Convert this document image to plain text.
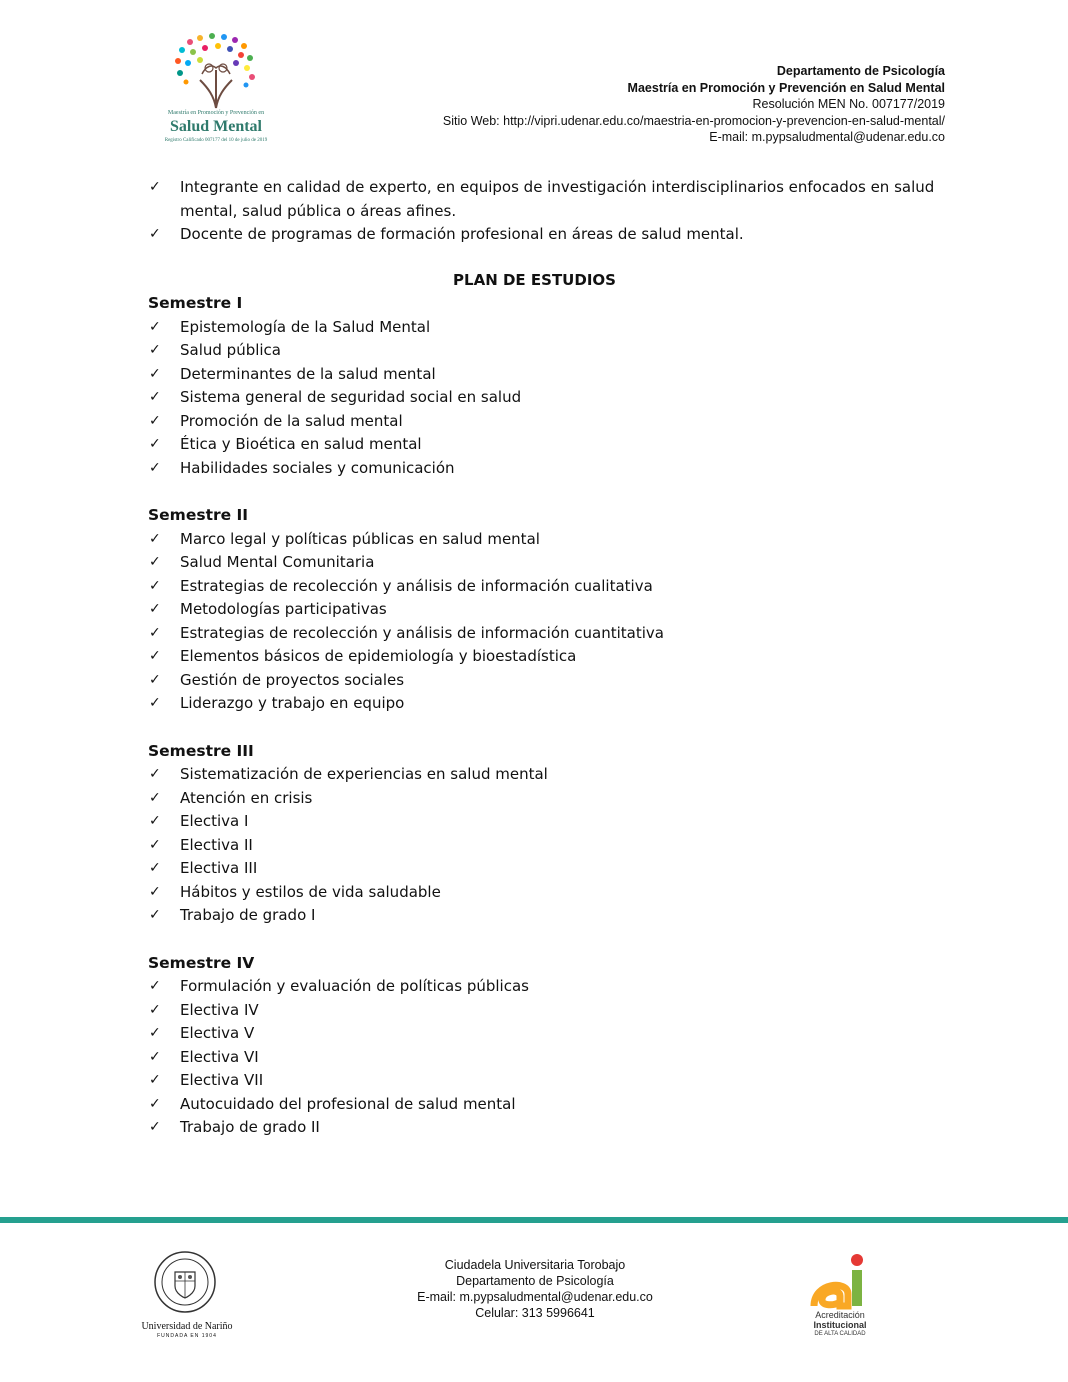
Maestría en Promoción y Prevención en
Salud Mental
Registro Calificado 007177 del 10 de julio de 2019
Departamento de Psicología
Maestría en Promoción y Prevención en Salud Mental
Resolución MEN No. 007177/2019
Sitio Web: http://vipri.udenar.edu.co/maestria-en-promocion-y-prevencion-en-salud-mental/
E-mail: m.pypsaludmental@udenar.edu.co
✓ Integrante en calidad de experto, en equipos de investigación interdisciplinarios enfocados en salud mental, salud pública o áreas afines.
✓ Docente de programas de formación profesional en áreas de salud mental.
PLAN DE ESTUDIOS
Semestre I
✓ Epistemología de la Salud Mental
✓ Salud pública
✓ Determinantes de la salud mental
✓ Sistema general de seguridad social en salud
✓ Promoción de la salud mental
✓ Ética y Bioética en salud mental
✓ Habilidades sociales y comunicación
Semestre II
✓ Marco legal y políticas públicas en salud mental
✓ Salud Mental Comunitaria
✓ Estrategias de recolección y análisis de información cualitativa
✓ Metodologías participativas
✓ Estrategias de recolección y análisis de información cuantitativa
✓ Elementos básicos de epidemiología y bioestadística
✓ Gestión de proyectos sociales
✓ Liderazgo y trabajo en equipo
Semestre III
✓ Sistematización de experiencias en salud mental
✓ Atención en crisis
✓ Electiva I
✓ Electiva II
✓ Electiva III
✓ Hábitos y estilos de vida saludable
✓ Trabajo de grado I
Semestre IV
✓ Formulación y evaluación de políticas públicas
✓ Electiva IV
✓ Electiva V
✓ Electiva VI
✓ Electiva VII
✓ Autocuidado del profesional de salud mental
✓ Trabajo de grado II
Universidad de Nariño
FUNDADA EN 1904
Ciudadela Universitaria Torobajo
Departamento de Psicología
E-mail: m.pypsaludmental@udenar.edu.co
Celular: 313 5996641	Acreditación
Institucional
DE ALTA CALIDAD
